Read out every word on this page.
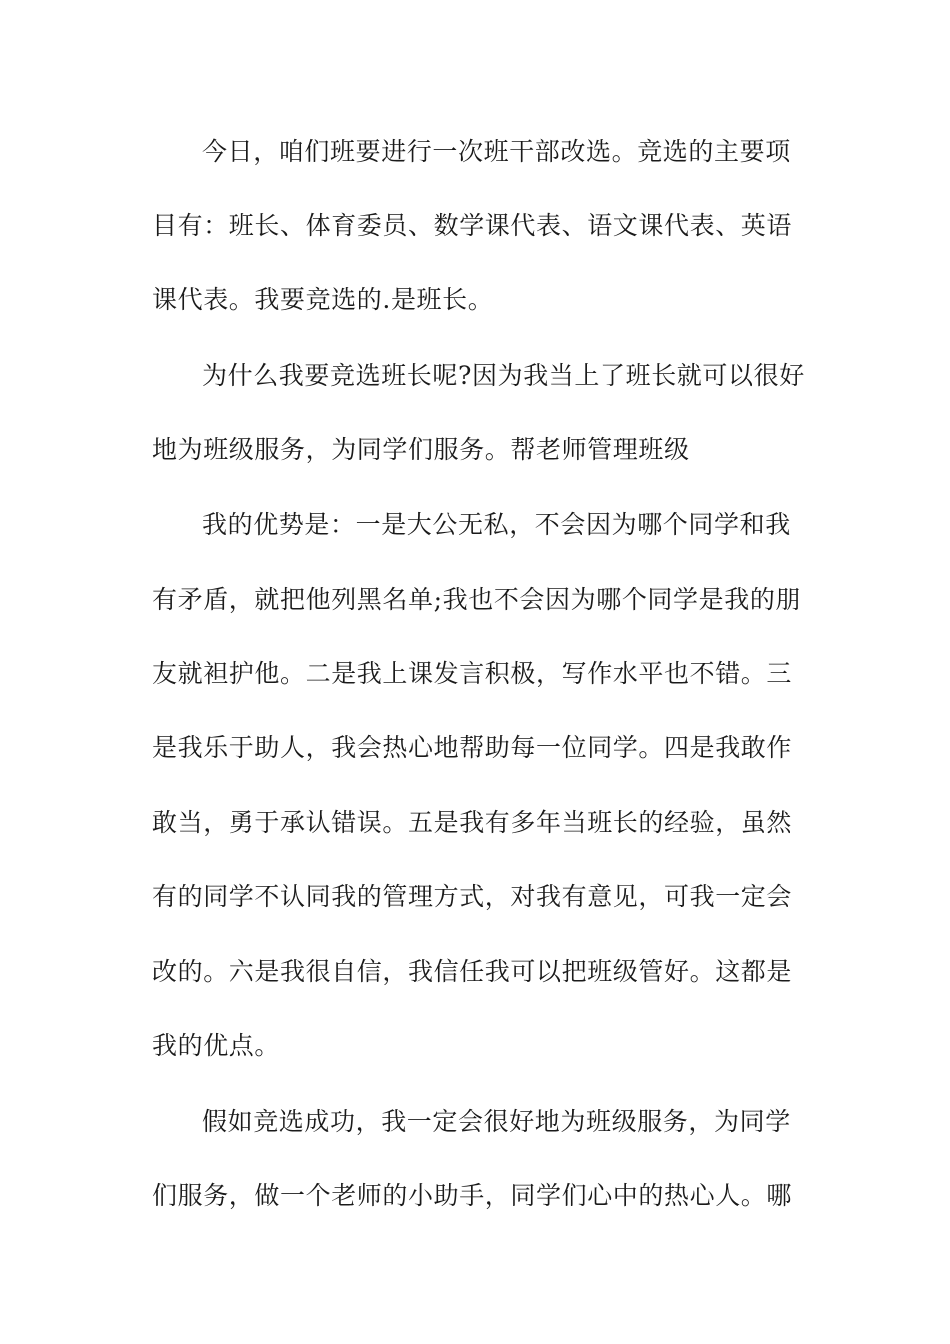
今日，咱们班要进行一次班干部改选。竞选的主要项
目有：班长、体育委员、数学课代表、语文课代表、英语
课代表。我要竞选的.是班长。
为什么我要竞选班长呢?因为我当上了班长就可以很好
地为班级服务，为同学们服务。帮老师管理班级
我的优势是：一是大公无私，不会因为哪个同学和我
有矛盾，就把他列黑名单;我也不会因为哪个同学是我的朋
友就袒护他。二是我上课发言积极，写作水平也不错。三
是我乐于助人，我会热心地帮助每一位同学。四是我敢作
敢当，勇于承认错误。五是我有多年当班长的经验，虽然
有的同学不认同我的管理方式，对我有意见，可我一定会
改的。六是我很自信，我信任我可以把班级管好。这都是
我的优点。
假如竞选成功，我一定会很好地为班级服务，为同学
们服务，做一个老师的小助手，同学们心中的热心人。哪
